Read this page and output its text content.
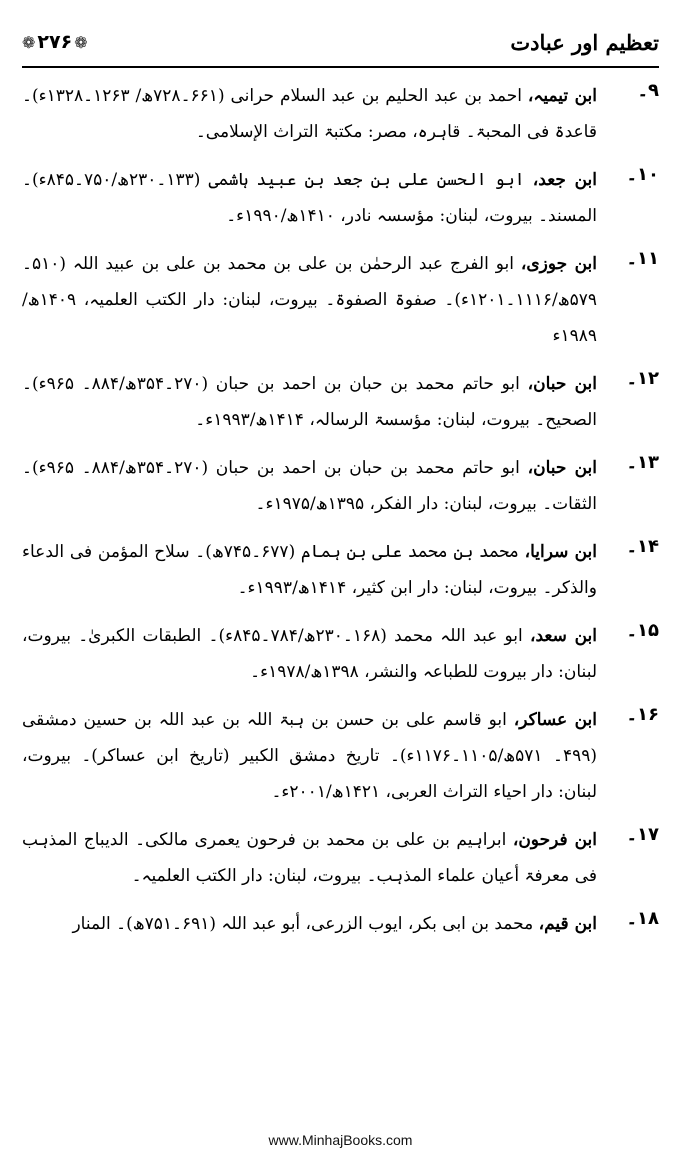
❁
۲۷۶
❁	تعظیم اور عبادت
۹۔
ابن تیمیہ، احمد بن عبد الحلیم بن عبد السلام حرانی (۶۶۱۔۷۲۸ھ/ ۱۲۶۳۔۱۳۲۸ء)۔ قاعدۃ فی المحبۃ۔ قاہرہ، مصر: مکتبۃ التراث الإسلامی۔
۱۰۔
ابن جعد، ابو الحسن علی بن جعد بن عبید ہاشمی (۱۳۳۔۲۳۰ھ/۷۵۰۔۸۴۵ء)۔ المسند۔ بیروت، لبنان: مؤسسہ نادر، ۱۴۱۰ھ/۱۹۹۰ء۔
۱۱۔
ابن جوزی، ابو الفرج عبد الرحمٰن بن علی بن محمد بن علی بن عبید اللہ (۵۱۰۔ ۵۷۹ھ/۱۱۱۶۔۱۲۰۱ء)۔ صفوۃ الصفوۃ۔ بیروت، لبنان: دار الکتب العلمیہ، ۱۴۰۹ھ/۱۹۸۹ء
۱۲۔
ابن حبان، ابو حاتم محمد بن حبان بن احمد بن حبان (۲۷۰۔۳۵۴ھ/۸۸۴۔ ۹۶۵ء)۔ الصحیح۔ بیروت، لبنان: مؤسسۃ الرسالہ، ۱۴۱۴ھ/۱۹۹۳ء۔
۱۳۔
ابن حبان، ابو حاتم محمد بن حبان بن احمد بن حبان (۲۷۰۔۳۵۴ھ/۸۸۴۔ ۹۶۵ء)۔ الثقات۔ بیروت، لبنان: دار الفکر، ۱۳۹۵ھ/۱۹۷۵ء۔
۱۴۔
ابن سرایا، محمد بن محمد علی بن ہمام (۶۷۷۔۷۴۵ھ)۔ سلاح المؤمن فی الدعاء والذکر۔ بیروت، لبنان: دار ابن کثیر، ۱۴۱۴ھ/۱۹۹۳ء۔
۱۵۔
ابن سعد، ابو عبد اللہ محمد (۱۶۸۔۲۳۰ھ/۷۸۴۔۸۴۵ء)۔ الطبقات الکبریٰ۔ بیروت، لبنان: دار بیروت للطباعہ والنشر، ۱۳۹۸ھ/۱۹۷۸ء۔
۱۶۔
ابن عساکر، ابو قاسم علی بن حسن بن ہبۃ اللہ بن عبد اللہ بن حسین دمشقی (۴۹۹۔ ۵۷۱ھ/۱۱۰۵۔۱۱۷۶ء)۔ تاریخ دمشق الکبیر (تاریخ ابن عساکر)۔ بیروت، لبنان: دار احیاء التراث العربی، ۱۴۲۱ھ/۲۰۰۱ء۔
۱۷۔
ابن فرحون، ابراہیم بن علی بن محمد بن فرحون یعمری مالکی۔ الدیباج المذہب فی معرفۃ أعیان علماء المذہب۔ بیروت، لبنان: دار الکتب العلمیہ۔
۱۸۔
ابن قیم، محمد بن ابی بکر، ایوب الزرعی، أبو عبد اللہ (۶۹۱۔۷۵۱ھ)۔ المنار
www.MinhajBooks.com
